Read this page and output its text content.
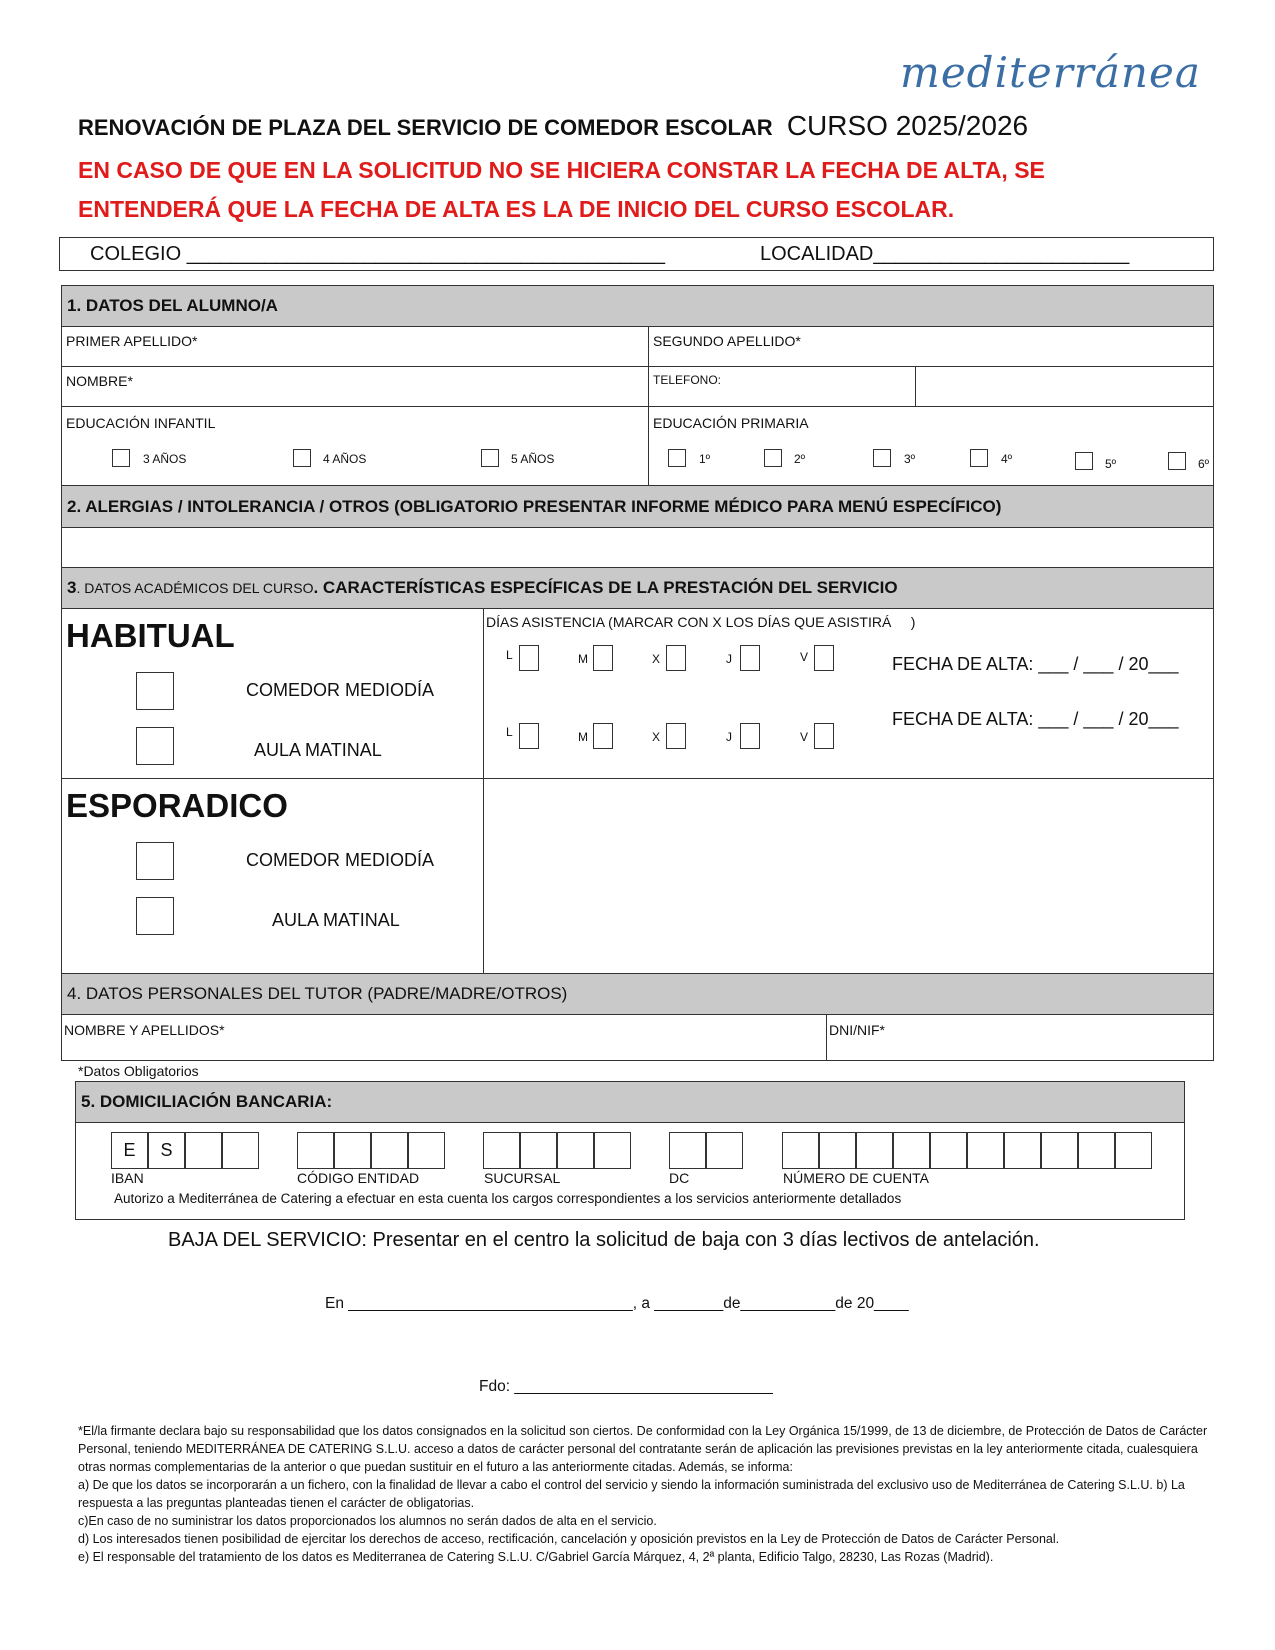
mediterránea
RENOVACIÓN DE PLAZA DEL SERVICIO DE COMEDOR ESCOLAR CURSO 2025/2026
EN CASO DE QUE EN LA SOLICITUD NO SE HICIERA CONSTAR LA FECHA DE ALTA, SE
ENTENDERÁ QUE LA FECHA DE ALTA ES LA DE INICIO DEL CURSO ESCOLAR.
COLEGIO ___________________________________________	LOCALIDAD_______________________
1. DATOS DEL ALUMNO/A
PRIMER APELLIDO*	SEGUNDO APELLIDO*
NOMBRE*	TELEFONO:
EDUCACIÓN INFANTIL	EDUCACIÓN PRIMARIA
3 AÑOS	4 AÑOS	5 AÑOS	1º	2º	3º	4º	5º	6º
2. ALERGIAS / INTOLERANCIA / OTROS (OBLIGATORIO PRESENTAR INFORME MÉDICO PARA MENÚ ESPECÍFICO)
3 . DATOS ACADÉMICOS DEL CURSO . CARACTERÍSTICAS ESPECÍFICAS DE LA PRESTACIÓN DEL SERVICIO
HABITUAL
COMEDOR MEDIODÍA
AULA MATINAL
ESPORADICO
COMEDOR MEDIODÍA
AULA MATINAL
DÍAS ASISTENCIA (MARCAR CON X LOS DÍAS QUE ASISTIRÁ     )
L	M	X	J	V	FECHA DE ALTA: ___ / ___ / 20___
L	M	X	J	V
FECHA DE ALTA: ___ / ___ / 20___
4. DATOS PERSONALES DEL TUTOR (PADRE/MADRE/OTROS)
NOMBRE Y APELLIDOS*	DNI/NIF*
*Datos Obligatorios
5. DOMICILIACIÓN BANCARIA:
E	S
IBAN	CÓDIGO ENTIDAD	SUCURSAL	DC	NÚMERO DE CUENTA
Autorizo a Mediterránea de Catering a efectuar en esta cuenta los cargos correspondientes a los servicios anteriormente detallados
BAJA DEL SERVICIO: Presentar en el centro la solicitud de baja con 3 días lectivos de antelación.
En _________________________________, a ________de___________de 20____
Fdo: ______________________________
*El/la firmante declara bajo su responsabilidad que los datos consignados en la solicitud son ciertos. De conformidad con la Ley Orgánica 15/1999, de 13 de diciembre, de Protección de Datos de Carácter Personal, teniendo MEDITERRÁNEA DE CATERING S.L.U. acceso a datos de carácter personal del contratante serán de aplicación las previsiones previstas en la ley anteriormente citada, cualesquiera otras normas complementarias de la anterior o que puedan sustituir en el futuro a las anteriormente citadas. Además, se informa:
a) De que los datos se incorporarán a un fichero, con la finalidad de llevar a cabo el control del servicio y siendo la información suministrada del exclusivo uso de Mediterránea de Catering S.L.U. b) La respuesta a las preguntas planteadas tienen el carácter de obligatorias.
c)En caso de no suministrar los datos proporcionados los alumnos no serán dados de alta en el servicio.
d) Los interesados tienen posibilidad de ejercitar los derechos de acceso, rectificación, cancelación y oposición previstos en la Ley de Protección de Datos de Carácter Personal.
e) El responsable del tratamiento de los datos es Mediterranea de Catering S.L.U. C/Gabriel García Márquez, 4, 2ª planta, Edificio Talgo, 28230, Las Rozas (Madrid).
